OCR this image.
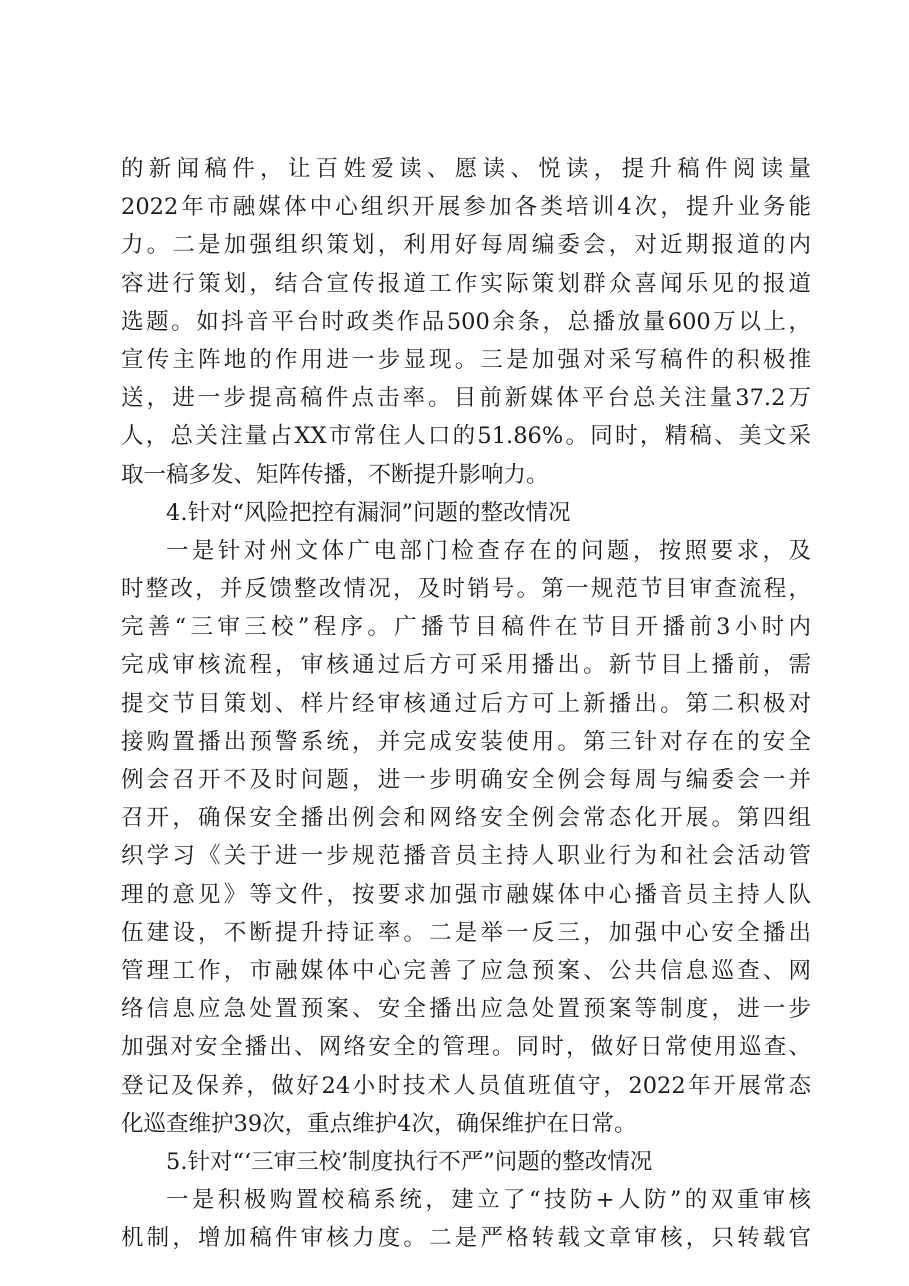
的新闻稿件，让百姓爱读、愿读、悦读，提升稿件阅读量
2022年市融媒体中心组织开展参加各类培训4次，提升业务能
力。二是加强组织策划，利用好每周编委会，对近期报道的内
容进行策划，结合宣传报道工作实际策划群众喜闻乐见的报道
选题。如抖音平台时政类作品500余条，总播放量600万以上，
宣传主阵地的作用进一步显现。三是加强对采写稿件的积极推
送，进一步提高稿件点击率。目前新媒体平台总关注量37.2万
人，总关注量占XX市常住人口的51.86%。同时，精稿、美文采
取一稿多发、矩阵传播，不断提升影响力。
4.针对“风险把控有漏洞”问题的整改情况
一是针对州文体广电部门检查存在的问题，按照要求，及
时整改，并反馈整改情况，及时销号。第一规范节目审查流程，
完善“三审三校”程序。广播节目稿件在节目开播前3小时内
完成审核流程，审核通过后方可采用播出。新节目上播前，需
提交节目策划、样片经审核通过后方可上新播出。第二积极对
接购置播出预警系统，并完成安装使用。第三针对存在的安全
例会召开不及时问题，进一步明确安全例会每周与编委会一并
召开，确保安全播出例会和网络安全例会常态化开展。第四组
织学习《关于进一步规范播音员主持人职业行为和社会活动管
理的意见》等文件，按要求加强市融媒体中心播音员主持人队
伍建设，不断提升持证率。二是举一反三，加强中心安全播出
管理工作，市融媒体中心完善了应急预案、公共信息巡查、网
络信息应急处置预案、安全播出应急处置预案等制度，进一步
加强对安全播出、网络安全的管理。同时，做好日常使用巡查、
登记及保养，做好24小时技术人员值班值守，2022年开展常态
化巡查维护39次，重点维护4次，确保维护在日常。
5.针对“‘三审三校’制度执行不严”问题的整改情况
一是积极购置校稿系统，建立了“技防+人防”的双重审核
机制，增加稿件审核力度。二是严格转载文章审核，只转载官
